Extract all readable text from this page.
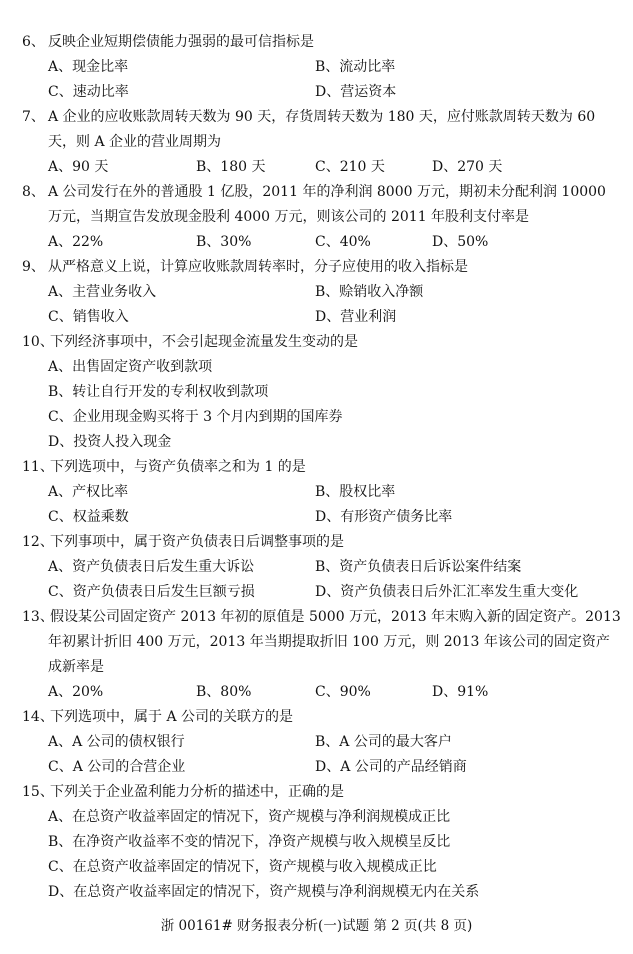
6、 反映企业短期偿债能力强弱的最可信指标是
A、现金比率	B、流动比率
C、速动比率	D、营运资本
7、 A 企业的应收账款周转天数为 90 天，存货周转天数为 180 天，应付账款周转天数为 60
天，则 A 企业的营业周期为
A、90 天	B、180 天	C、210 天	D、270 天
8、 A 公司发行在外的普通股 1 亿股，2011 年的净利润 8000 万元，期初未分配利润 10000
万元，当期宣告发放现金股利 4000 万元，则该公司的 2011 年股利支付率是
A、22%	B、30%	C、40%	D、50%
9、 从严格意义上说，计算应收账款周转率时，分子应使用的收入指标是
A、主营业务收入	B、赊销收入净额
C、销售收入	D、营业利润
10、
下列经济事项中，不会引起现金流量发生变动的是
A、出售固定资产收到款项
B、转让自行开发的专利权收到款项
C、企业用现金购买将于 3 个月内到期的国库券
D、投资人投入现金
11、
下列选项中，与资产负债率之和为 1 的是
A、产权比率	B、股权比率
C、权益乘数	D、有形资产债务比率
12、
下列事项中，属于资产负债表日后调整事项的是
A、资产负债表日后发生重大诉讼	B、资产负债表日后诉讼案件结案
C、资产负债表日后发生巨额亏损	D、资产负债表日后外汇汇率发生重大变化
13、
假设某公司固定资产 2013 年初的原值是 5000 万元，2013 年末购入新的固定资产。2013
年初累计折旧 400 万元，2013 年当期提取折旧 100 万元，则 2013 年该公司的固定资产
成新率是
A、20%	B、80%	C、90%	D、91%
14、
下列选项中，属于 A 公司的关联方的是
A、A 公司的债权银行	B、A 公司的最大客户
C、A 公司的合营企业	D、A 公司的产品经销商
15、
下列关于企业盈利能力分析的描述中，正确的是
A、在总资产收益率固定的情况下，资产规模与净利润规模成正比
B、在净资产收益率不变的情况下，净资产规模与收入规模呈反比
C、在总资产收益率固定的情况下，资产规模与收入规模成正比
D、在总资产收益率固定的情况下，资产规模与净利润规模无内在关系
浙 00161# 财务报表分析(一)试题 第 2 页(共 8 页)
